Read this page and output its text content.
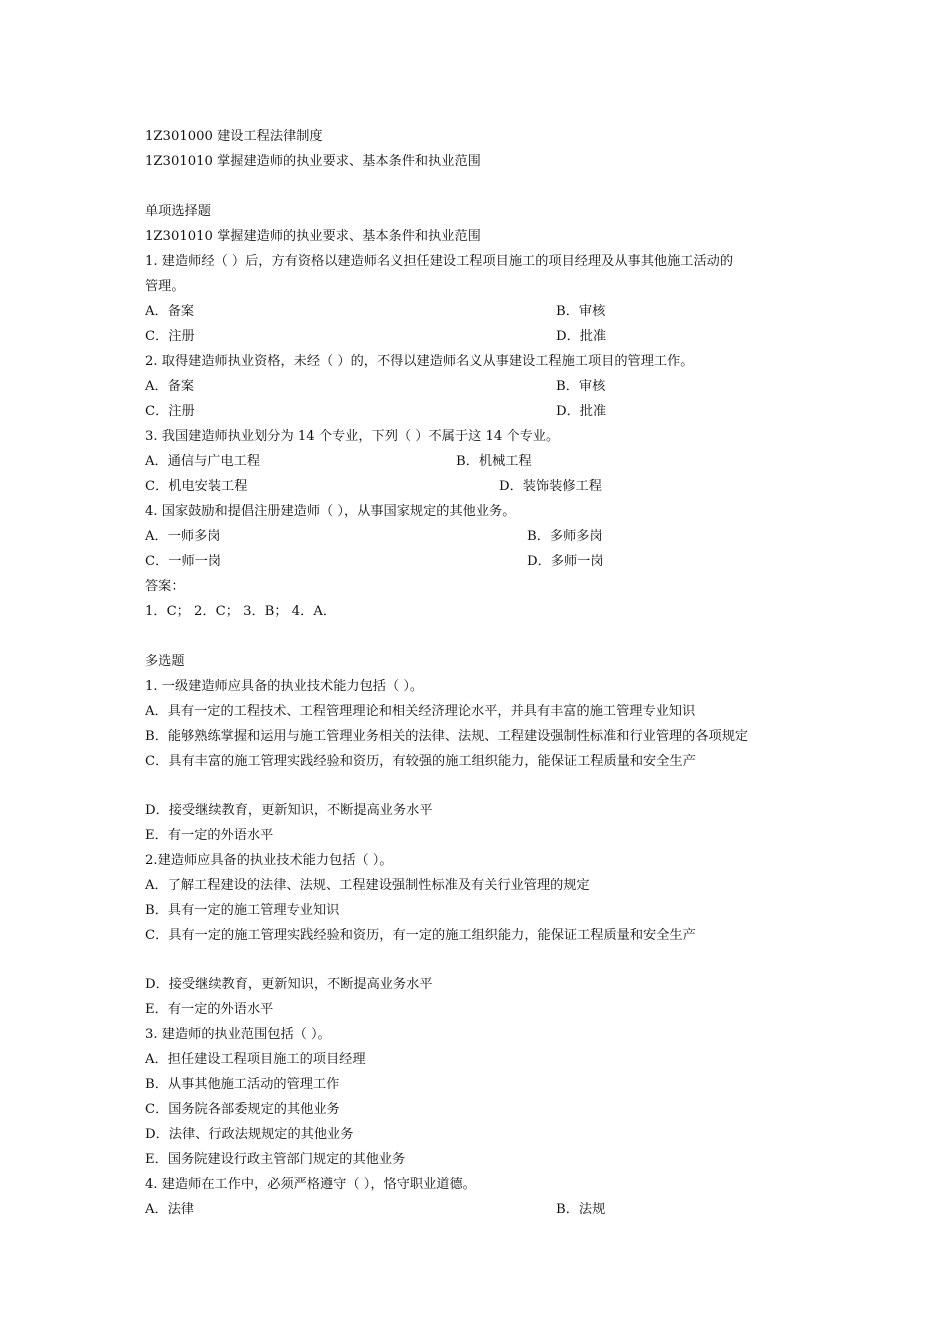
1Z301000 建设工程法律制度
1Z301010 掌握建造师的执业要求、基本条件和执业范围
单项选择题
1Z301010 掌握建造师的执业要求、基本条件和执业范围
1. 建造师经（ ）后，方有资格以建造师名义担任建设工程项目施工的项目经理及从事其他施工活动的
管理。
A．备案	B．审核
C．注册	D．批准
2. 取得建造师执业资格，未经（ ）的，不得以建造师名义从事建设工程施工项目的管理工作。
A．备案	B．审核
C．注册	D．批准
3. 我国建造师执业划分为 14 个专业，下列（ ）不属于这 14 个专业。
A．通信与广电工程	B．机械工程
C．机电安装工程	D．装饰装修工程
4. 国家鼓励和提倡注册建造师（ ），从事国家规定的其他业务。
A．一师多岗	B．多师多岗
C．一师一岗	D．多师一岗
答案：
1．C； 2．C； 3．B； 4．A．
多选题
1. 一级建造师应具备的执业技术能力包括（ ）。
A．具有一定的工程技术、工程管理理论和相关经济理论水平，并具有丰富的施工管理专业知识
B．能够熟练掌握和运用与施工管理业务相关的法律、法规、工程建设强制性标准和行业管理的各项规定
C．具有丰富的施工管理实践经验和资历，有较强的施工组织能力，能保证工程质量和安全生产
D．接受继续教育，更新知识，不断提高业务水平
E．有一定的外语水平
2.建造师应具备的执业技术能力包括（ ）。
A．了解工程建设的法律、法规、工程建设强制性标准及有关行业管理的规定
B．具有一定的施工管理专业知识
C．具有一定的施工管理实践经验和资历，有一定的施工组织能力，能保证工程质量和安全生产
D．接受继续教育，更新知识，不断提高业务水平
E．有一定的外语水平
3. 建造师的执业范围包括（ ）。
A．担任建设工程项目施工的项目经理
B．从事其他施工活动的管理工作
C．国务院各部委规定的其他业务
D．法律、行政法规规定的其他业务
E．国务院建设行政主管部门规定的其他业务
4. 建造师在工作中，必须严格遵守（ ），恪守职业道德。
A．法律	B．法规
